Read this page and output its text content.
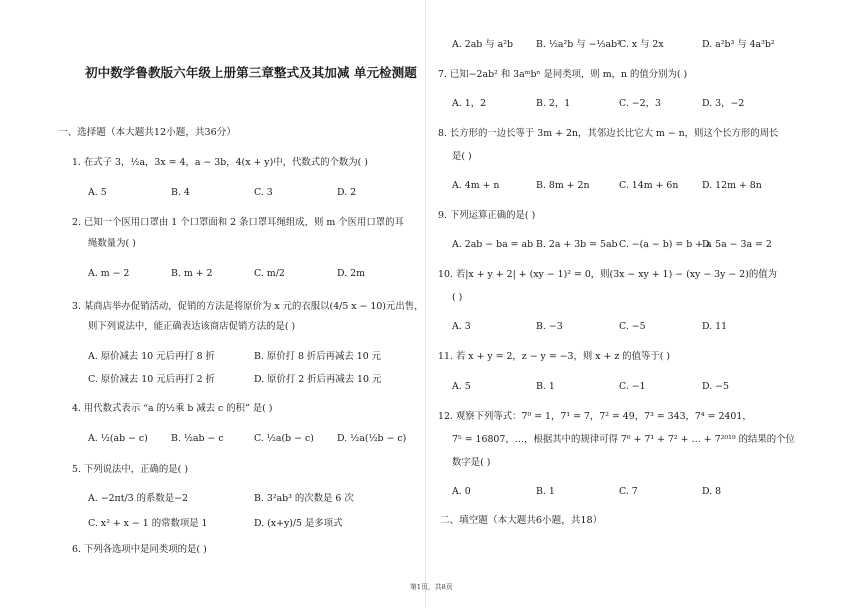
初中数学鲁教版六年级上册第三章整式及其加减 单元检测题
一、选择题（本大题共12小题，共36分）
1. 在式子 3，½a，3x = 4，a − 3b，4(x + y)中，代数式的个数为( )
A. 5	B. 4	C. 3	D. 2
2. 已知一个医用口罩由 1 个口罩面和 2 条口罩耳绳组成，则 m 个医用口罩的耳
绳数量为( )
A. m − 2	B. m + 2	C. m/2	D. 2m
3. 某商店举办促销活动，促销的方法是将原价为 x 元的衣服以(4/5 x − 10)元出售，
则下列说法中，能正确表达该商店促销方法的是( )
A. 原价减去 10 元后再打 8 折	B. 原价打 8 折后再减去 10 元
C. 原价减去 10 元后再打 2 折	D. 原价打 2 折后再减去 10 元
4. 用代数式表示 “a 的½乘 b 减去 c 的积” 是( )
A. ½(ab − c) B. ½ab − c	C. ½a(b − c) D. ½a(½b − c)
5. 下列说法中，正确的是( )
A. −2πt/3 的系数是−2	B. 3²ab³ 的次数是 6 次
C. x² + x − 1 的常数项是 1	D. (x+y)/5 是多项式
6. 下列各选项中是同类项的是( )
A. 2ab 与 a²b B. ½a²b 与 −⅓ab²
C. x 与 2x	D. a²b³ 与 4a³b²
7. 已知−2ab² 和 3aᵐbⁿ 是同类项，则 m，n 的值分别为( )
A. 1，2	B. 2，1	C. −2，3	D. 3，−2
8. 长方形的一边长等于 3m + 2n，其邻边长比它大 m − n，则这个长方形的周长
是( )
A. 4m + n	B. 8m + 2n	C. 14m + 6n	D. 12m + 8n
9. 下列运算正确的是( )
A. 2ab − ba = ab B. 2a + 3b = 5ab C. −(a − b) = b + a
D. 5a − 3a = 2
10. 若|x + y + 2| + (xy − 1)² = 0，则(3x − xy + 1) − (xy − 3y − 2)的值为
( )
A. 3	B. −3	C. −5	D. 11
11. 若 x + y = 2，z − y = −3，则 x + z 的值等于( )
A. 5	B. 1	C. −1	D. −5
12. 观察下列等式：7⁰ = 1，7¹ = 7，7² = 49，7³ = 343，7⁴ = 2401，
7⁵ = 16807，…，根据其中的规律可得 7⁰ + 7¹ + 7² + … + 7²⁰¹⁹ 的结果的个位
数字是( )
A. 0	B. 1	C. 7	D. 8
二、填空题（本大题共6小题，共18）
第1页，共8页
